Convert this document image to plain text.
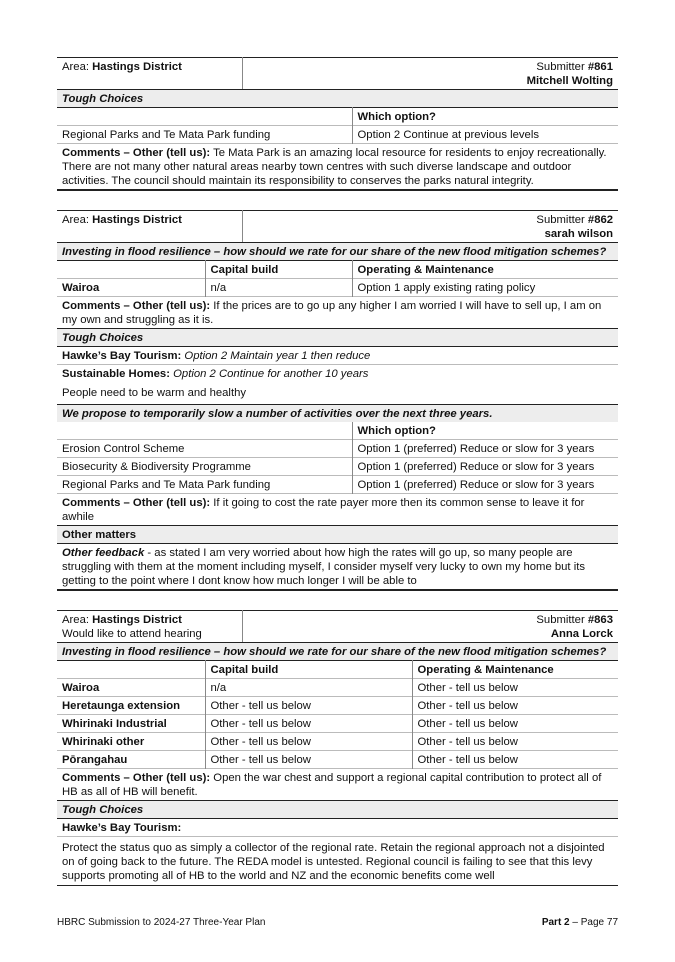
Area: Hastings District	Submitter #861
Mitchell Wolting	
Tough Choices		
		Which option?
Regional Parks and Te Mata Park funding		Option 2 Continue at previous levels
Comments – Other (tell us): Te Mata Park is an amazing local resource for residents to enjoy recreationally. There are not many other natural areas nearby town centres with such diverse landscape and outdoor activities. The council should maintain its responsibility to conserves the parks natural integrity.		
Area: Hastings District		Submitter #862
sarah wilson	
Investing in flood resilience – how should we rate for our share of the new flood mitigation schemes?			
	Capital build		Operating & Maintenance
Wairoa	n/a		Option 1 apply existing rating policy
Comments – Other (tell us): If the prices are to go up any higher I am worried I will have to sell up, I am on my own and struggling as it is.			
Tough Choices			
Hawke’s Bay Tourism: Option 2 Maintain year 1 then reduce			
Sustainable Homes: Option 2 Continue for another 10 years			
People need to be warm and healthy			
We propose to temporarily slow a number of activities over the next three years.			
			Which option?
Erosion Control Scheme			Option 1 (preferred) Reduce or slow for 3 years
Biosecurity & Biodiversity Programme			Option 1 (preferred) Reduce or slow for 3 years
Regional Parks and Te Mata Park funding			Option 1 (preferred) Reduce or slow for 3 years
Comments – Other (tell us): If it going to cost the rate payer more then its common sense to leave it for awhile			
Other matters			
Other feedback - as stated I am very worried about how high the rates will go up, so many people are struggling with them at the moment including myself, I consider myself very lucky to own my home but its getting to the point where I dont know how much longer I will be able to			
Area: Hastings District
Would like to attend hearing		Submitter #863
Anna Lorck	
Investing in flood resilience – how should we rate for our share of the new flood mitigation schemes?			
	Capital build		Operating & Maintenance
Wairoa	n/a		Other - tell us below
Heretaunga extension	Other - tell us below		Other - tell us below
Whirinaki Industrial	Other - tell us below		Other - tell us below
Whirinaki other	Other - tell us below		Other - tell us below
Pōrangahau	Other - tell us below		Other - tell us below
Comments – Other (tell us): Open the war chest and support a regional capital contribution to protect all of HB as all of HB will benefit.			
Tough Choices			
Hawke’s Bay Tourism:			
Protect the status quo as simply a collector of the regional rate. Retain the regional approach not a disjointed on of going back to the future. The REDA model is untested. Regional council is failing to see that this levy supports promoting all of HB to the world and NZ and the economic benefits come well			
HBRC Submission to 2024-27 Three-Year Plan	Part 2 – Page 77
